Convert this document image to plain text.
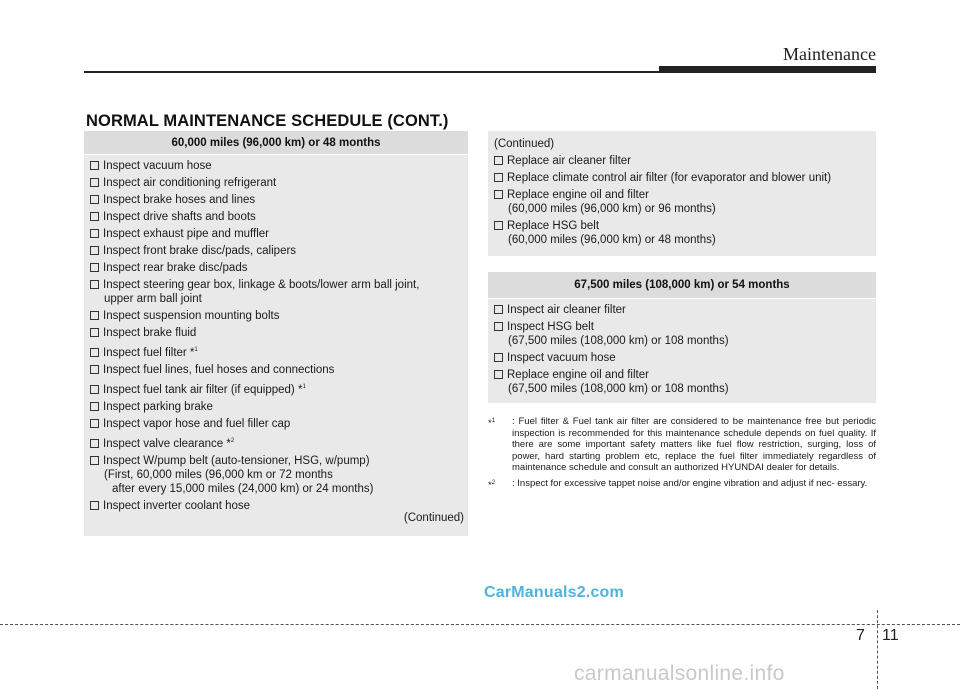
Maintenance
NORMAL MAINTENANCE SCHEDULE (CONT.)
60,000 miles (96,000 km) or 48 months
Inspect vacuum hose
Inspect air conditioning refrigerant
Inspect brake hoses and lines
Inspect drive shafts and boots
Inspect exhaust pipe and muffler
Inspect front brake disc/pads, calipers
Inspect rear brake disc/pads
Inspect steering gear box, linkage & boots/lower arm ball joint,
upper arm ball joint
Inspect suspension mounting bolts
Inspect brake fluid
Inspect fuel filter *$^1$
Inspect fuel lines, fuel hoses and connections
Inspect fuel tank air filter (if equipped) *$^1$
Inspect parking brake
Inspect vapor hose and fuel filler cap
Inspect valve clearance *$^2$
Inspect W/pump belt (auto-tensioner, HSG, w/pump)
(First, 60,000 miles (96,000 km or 72 months
after every 15,000 miles (24,000 km) or 24 months)
Inspect inverter coolant hose
(Continued)
(Continued)
Replace air cleaner filter
Replace climate control air filter (for evaporator and blower unit)
Replace engine oil and filter
(60,000 miles (96,000 km) or 96 months)
Replace HSG belt
(60,000 miles (96,000 km) or 48 months)
67,500 miles (108,000 km) or 54 months
Inspect air cleaner filter
Inspect HSG belt
(67,500 miles (108,000 km) or 108 months)
Inspect vacuum hose
Replace engine oil and filter
(67,500 miles (108,000 km) or 108 months)
*$^1$	: Fuel filter & Fuel tank air filter are considered to be maintenance free but periodic inspection is recommended for this maintenance schedule depends on fuel quality. If there are some important safety matters like fuel flow restriction, surging, loss of power, hard starting problem etc, replace the fuel filter immediately regardless of maintenance schedule and consult an authorized HYUNDAI dealer for details.
*$^2$	: Inspect for excessive tappet noise and/or engine vibration and adjust if nec- essary.
CarManuals2.com
7 11
carmanualsonline.info
